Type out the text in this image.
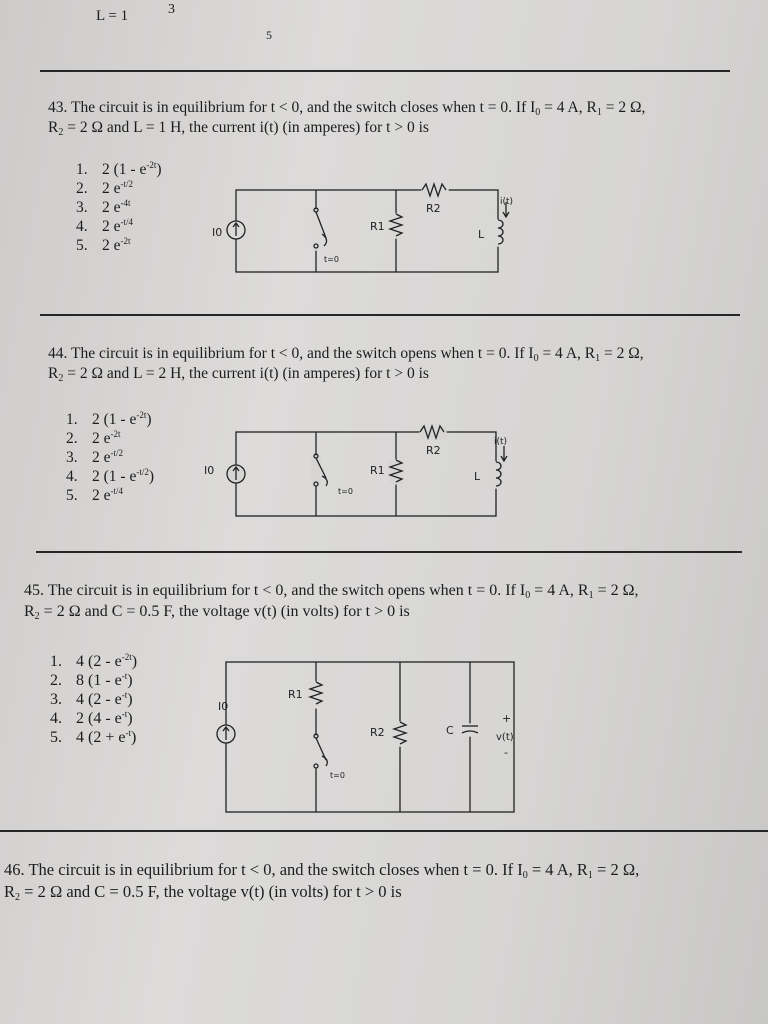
L = 1	3
5
43. The circuit is in equilibrium for t < 0, and the switch closes when t = 0. If $I_0 = 4$ A, $R_1 = 2$ Ω,
$R_2 = 2$ Ω and L = 1 H, the current i(t) (in amperes) for t > 0 is
1. 2 $(1 - e^{-2t})$
2. 2 $e^{-t/2}$
3. 2 $e^{-4t}$
4. 2 $e^{-t/4}$
5. 2 $e^{-2t}$
I0	R1
R2
L
i(t)
t=0
44. The circuit is in equilibrium for t < 0, and the switch opens when t = 0. If $I_0 = 4$ A, $R_1 = 2$ Ω,
$R_2 = 2$ Ω and L = 2 H, the current i(t) (in amperes) for t > 0 is
1. 2 $(1 - e^{-2t})$
2. 2 $e^{-2t}$
3. 2 $e^{-t/2}$
4. 2 $(1 - e^{-t/2})$
5. 2 $e^{-t/4}$
I0	R1
R2
L
i(t)
t=0
45. The circuit is in equilibrium for t < 0, and the switch opens when t = 0. If $I_0 = 4$ A, $R_1 = 2$ Ω,
$R_2 = 2$ Ω and C = 0.5 F, the voltage v(t) (in volts) for t > 0 is
1. 4 $(2 - e^{-2t})$
2. 8 $(1 - e^{-t})$
3. 4 $(2 - e^{-t})$
4. 2 $(4 - e^{-t})$
5. 4 $(2 + e^{-t})$
I0
R1
R2	C
+
v(t)
-
t=0
46. The circuit is in equilibrium for t < 0, and the switch closes when t = 0. If $I_0 = 4$ A, $R_1 = 2$ Ω,
$R_2 = 2$ Ω and C = 0.5 F, the voltage v(t) (in volts) for t > 0 is
